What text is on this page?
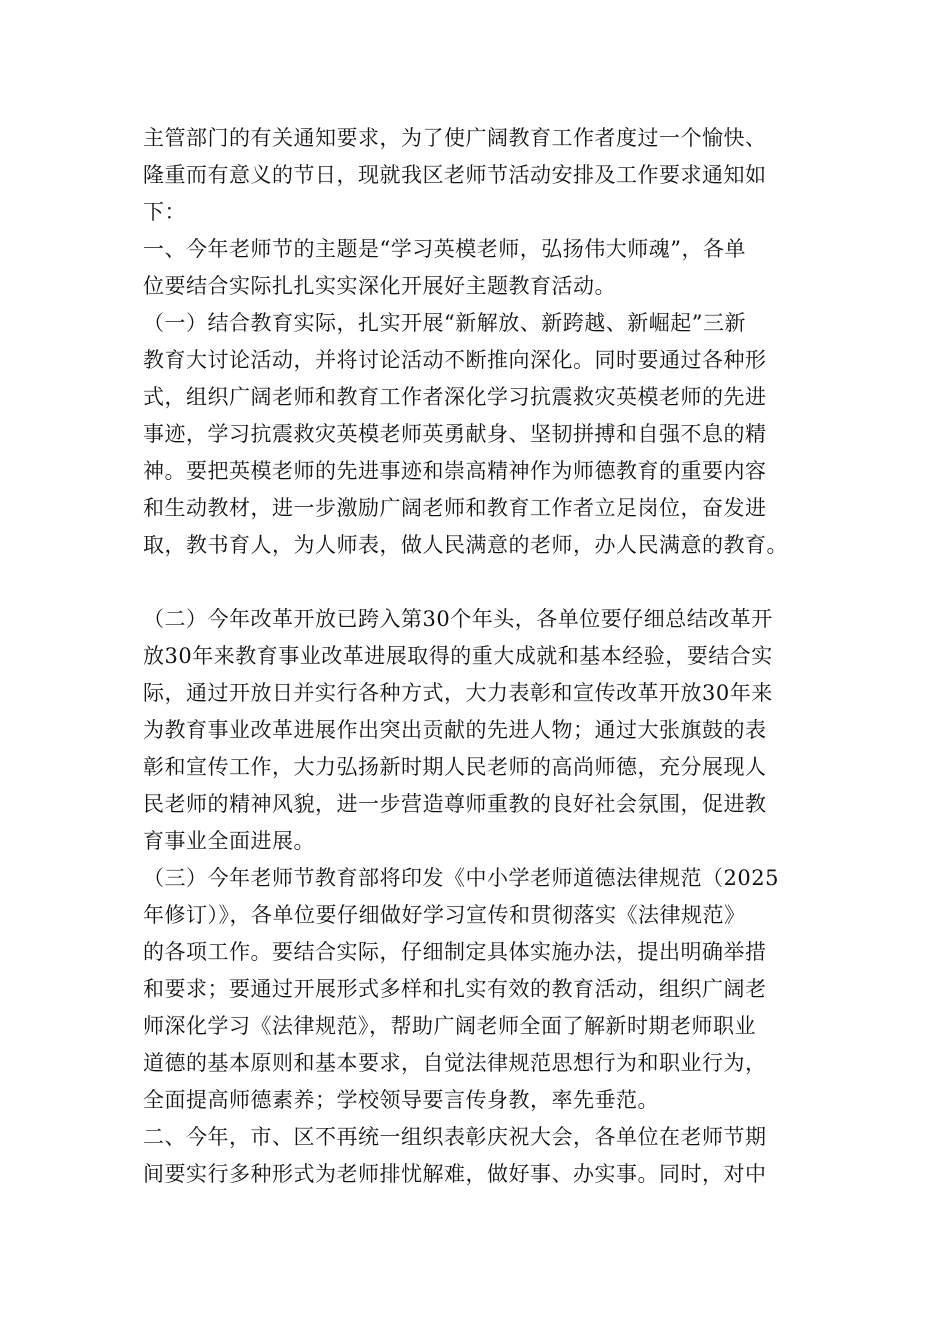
主管部门的有关通知要求，为了使广阔教育工作者度过一个愉快、
隆重而有意义的节日，现就我区老师节活动安排及工作要求通知如
下：
一、今年老师节的主题是“学习英模老师，弘扬伟大师魂”，各单
位要结合实际扎扎实实深化开展好主题教育活动。
（一）结合教育实际，扎实开展“新解放、新跨越、新崛起”三新
教育大讨论活动，并将讨论活动不断推向深化。同时要通过各种形
式，组织广阔老师和教育工作者深化学习抗震救灾英模老师的先进
事迹，学习抗震救灾英模老师英勇献身、坚韧拼搏和自强不息的精
神。要把英模老师的先进事迹和崇高精神作为师德教育的重要内容
和生动教材，进一步激励广阔老师和教育工作者立足岗位，奋发进
取，教书育人，为人师表，做人民满意的老师，办人民满意的教育。
（二）今年改革开放已跨入第30个年头，各单位要仔细总结改革开
放30年来教育事业改革进展取得的重大成就和基本经验，要结合实
际，通过开放日并实行各种方式，大力表彰和宣传改革开放30年来
为教育事业改革进展作出突出贡献的先进人物；通过大张旗鼓的表
彰和宣传工作，大力弘扬新时期人民老师的高尚师德，充分展现人
民老师的精神风貌，进一步营造尊师重教的良好社会氛围，促进教
育事业全面进展。
（三）今年老师节教育部将印发《中小学老师道德法律规范（2025
年修订）》，各单位要仔细做好学习宣传和贯彻落实《法律规范》
的各项工作。要结合实际，仔细制定具体实施办法，提出明确举措
和要求；要通过开展形式多样和扎实有效的教育活动，组织广阔老
师深化学习《法律规范》，帮助广阔老师全面了解新时期老师职业
道德的基本原则和基本要求，自觉法律规范思想行为和职业行为，
全面提高师德素养；学校领导要言传身教，率先垂范。
二、今年，市、区不再统一组织表彰庆祝大会，各单位在老师节期
间要实行多种形式为老师排忧解难，做好事、办实事。同时，对中
